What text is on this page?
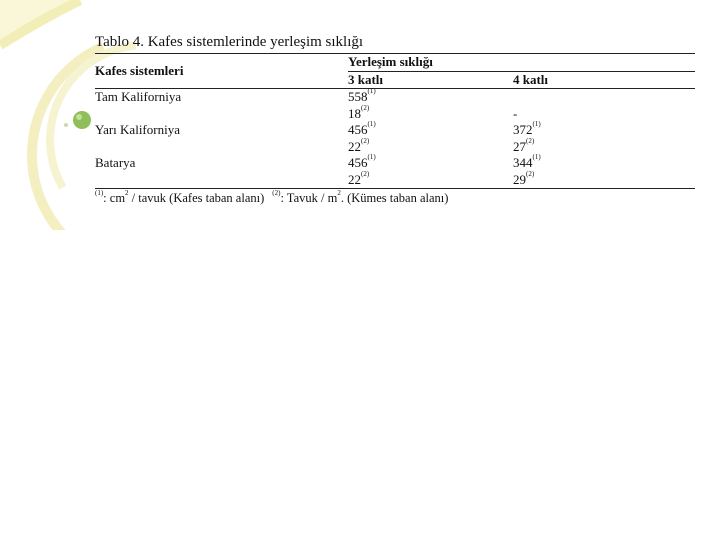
Tablo 4. Kafes sistemlerinde yerleşim sıklığı
Kafes sistemleri	Yerleşim sıklığı	
	3 katlı	4 katlı
Tam Kaliforniya	558$^{(1)}$	
	18$^{(2)}$	-
Yarı Kaliforniya	456$^{(1)}$	372$^{(1)}$
	22$^{(2)}$	27$^{(2)}$
Batarya	456$^{(1)}$	344$^{(1)}$
	22$^{(2)}$	29$^{(2)}$
$^{(1)}$: $cm^2$ / tavuk (Kafes taban alanı) $^{(2)}$: Tavuk / $m^2$. (Kümes taban alanı)
